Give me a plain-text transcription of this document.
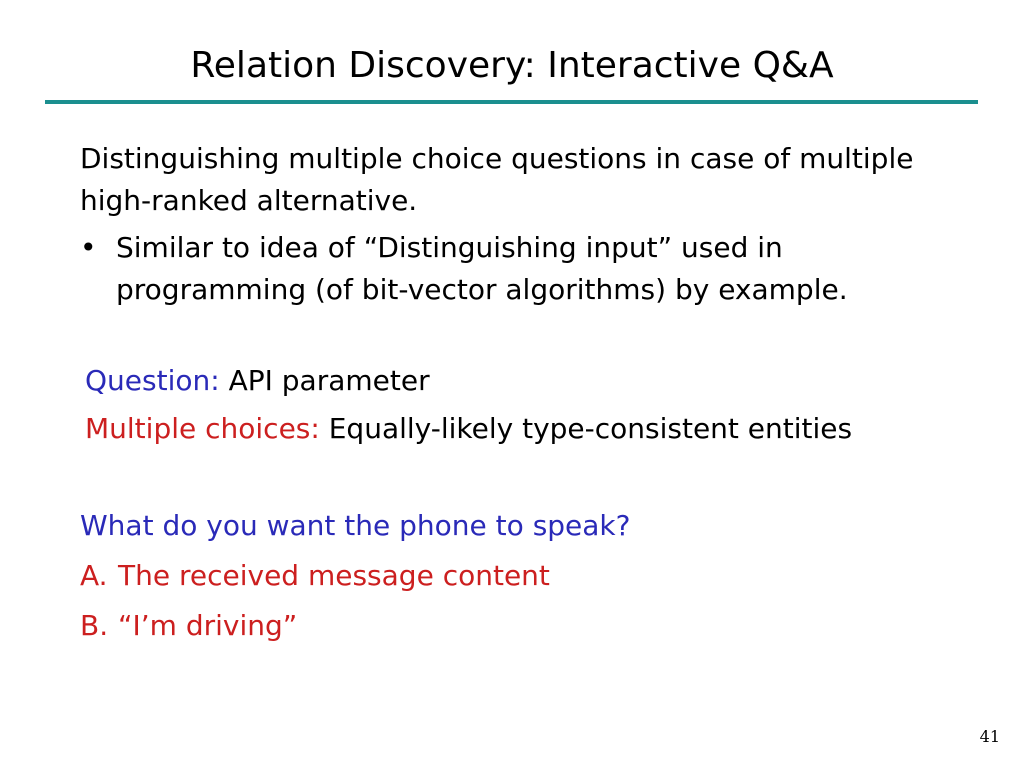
Relation Discovery: Interactive Q&A

Distinguishing multiple choice questions in case of multiple high-ranked alternative.

• Similar to idea of “Distinguishing input” used in programming (of bit-vector algorithms) by example.

Question: API parameter
Multiple choices: Equally-likely type-consistent entities
What do you want the phone to speak?
A. The received message content
B. “I’m driving”
41
